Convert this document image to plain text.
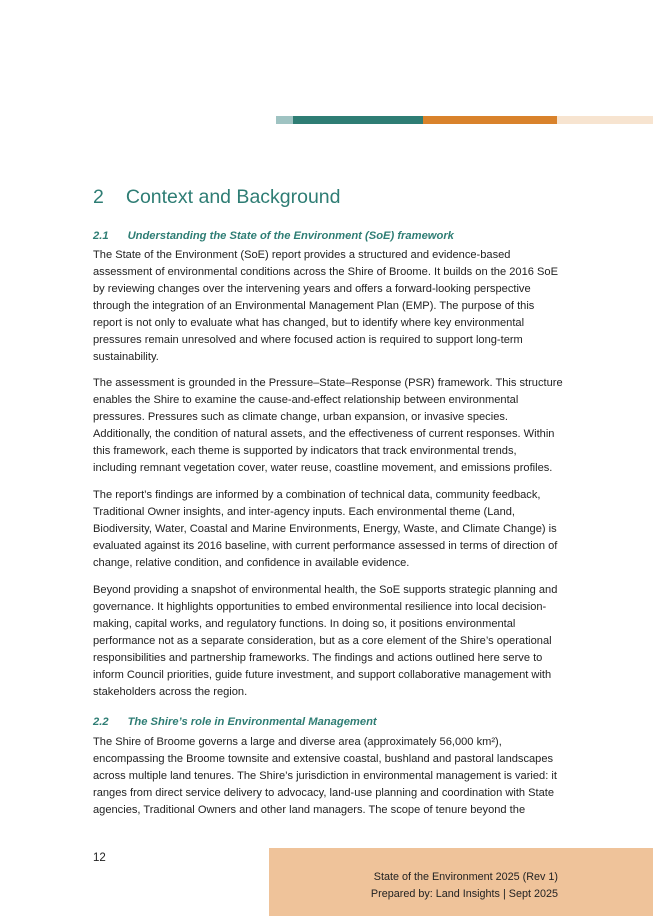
2 Context and Background
2.1 Understanding the State of the Environment (SoE) framework

The State of the Environment (SoE) report provides a structured and evidence-based assessment of environmental conditions across the Shire of Broome. It builds on the 2016 SoE by reviewing changes over the intervening years and offers a forward-looking perspective through the integration of an Environmental Management Plan (EMP). The purpose of this report is not only to evaluate what has changed, but to identify where key environmental pressures remain unresolved and where focused action is required to support long-term sustainability.

The assessment is grounded in the Pressure–State–Response (PSR) framework. This structure enables the Shire to examine the cause-and-effect relationship between environmental pressures. Pressures such as climate change, urban expansion, or invasive species. Additionally, the condition of natural assets, and the effectiveness of current responses. Within this framework, each theme is supported by indicators that track environmental trends, including remnant vegetation cover, water reuse, coastline movement, and emissions profiles.

The report’s findings are informed by a combination of technical data, community feedback, Traditional Owner insights, and inter-agency inputs. Each environmental theme (Land, Biodiversity, Water, Coastal and Marine Environments, Energy, Waste, and Climate Change) is evaluated against its 2016 baseline, with current performance assessed in terms of direction of change, relative condition, and confidence in available evidence.

Beyond providing a snapshot of environmental health, the SoE supports strategic planning and governance. It highlights opportunities to embed environmental resilience into local decision-making, capital works, and regulatory functions. In doing so, it positions environmental performance not as a separate consideration, but as a core element of the Shire’s operational responsibilities and partnership frameworks. The findings and actions outlined here serve to inform Council priorities, guide future investment, and support collaborative management with stakeholders across the region.

2.2 The Shire’s role in Environmental Management

The Shire of Broome governs a large and diverse area (approximately 56,000 km²), encompassing the Broome townsite and extensive coastal, bushland and pastoral landscapes across multiple land tenures. The Shire’s jurisdiction in environmental management is varied: it ranges from direct service delivery to advocacy, land-use planning and coordination with State agencies, Traditional Owners and other land managers. The scope of tenure beyond the

12
State of the Environment 2025 (Rev 1)
Prepared by: Land Insights | Sept 2025
